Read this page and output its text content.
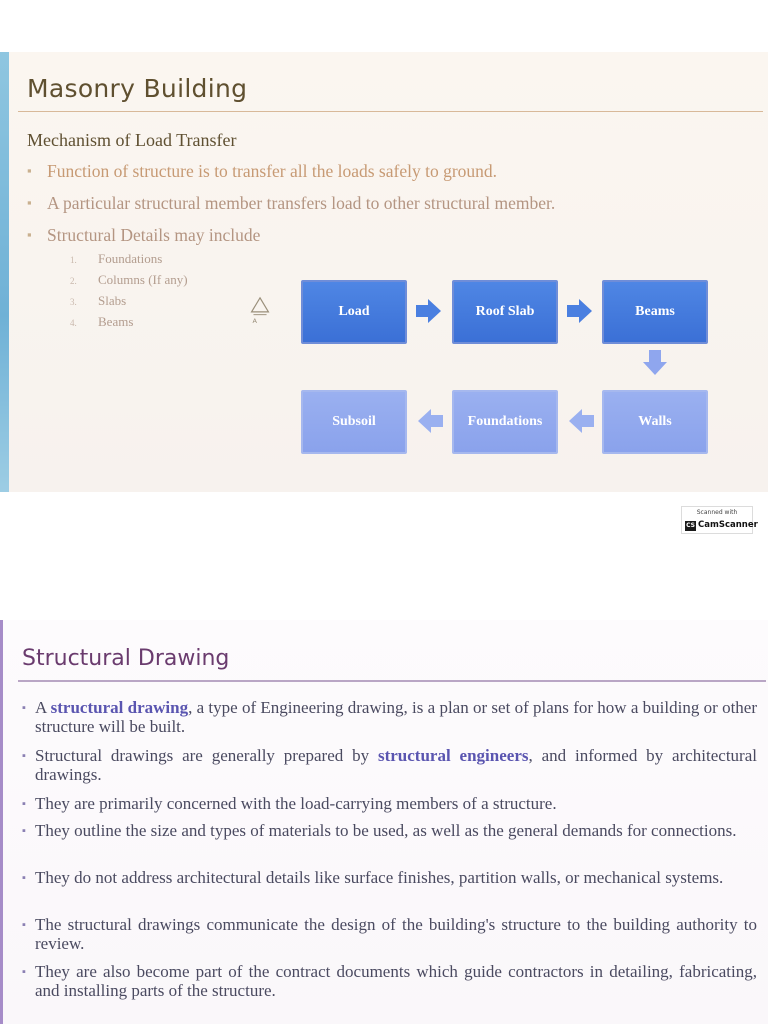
Masonry Building
Mechanism of Load Transfer
▪ Function of structure is to transfer all the loads safely to ground.
▪ A particular structural member transfers load to other structural member.
▪ Structural Details may include
1. Foundations
2. Columns (If any)
3. Slabs
4. Beams	A
Load	Roof Slab	Beams
Subsoil	Foundations	Walls
Scanned with
CS CamScanner
Structural Drawing
▪ A structural drawing, a type of Engineering drawing, is a plan or set of plans for how a building or other structure will be built.
▪ Structural drawings are generally prepared by structural engineers, and informed by architectural drawings.
▪ They are primarily concerned with the load-carrying members of a structure.
▪ They outline the size and types of materials to be used, as well as the general demands for connections.
▪ They do not address architectural details like surface finishes, partition walls, or mechanical systems.
▪ The structural drawings communicate the design of the building's structure to the building authority to review.
▪ They are also become part of the contract documents which guide contractors in detailing, fabricating, and installing parts of the structure.
